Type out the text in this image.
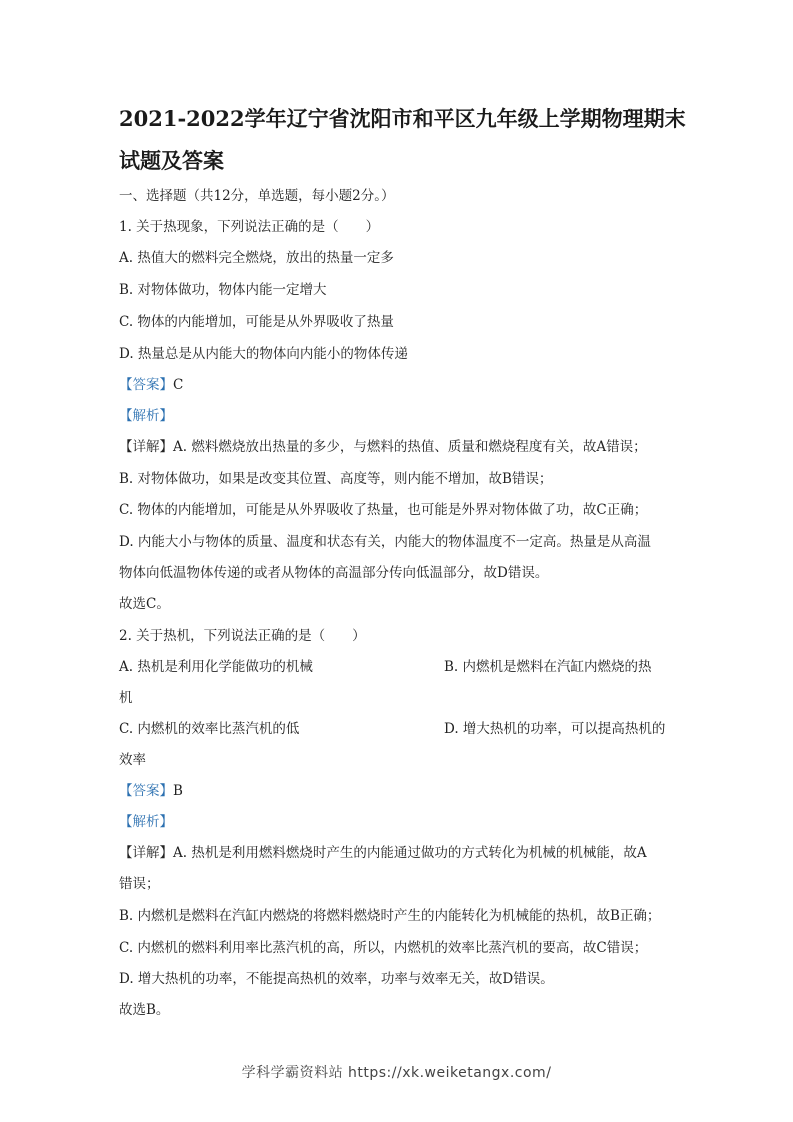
2021-2022学年辽宁省沈阳市和平区九年级上学期物理期末
试题及答案
一、选择题（共12分，单选题，每小题2分。）
1. 关于热现象，下列说法正确的是（　　）
A. 热值大的燃料完全燃烧，放出的热量一定多
B. 对物体做功，物体内能一定增大
C. 物体的内能增加，可能是从外界吸收了热量
D. 热量总是从内能大的物体向内能小的物体传递
【答案】C
【解析】
【详解】A. 燃料燃烧放出热量的多少，与燃料的热值、质量和燃烧程度有关，故A错误；
B. 对物体做功，如果是改变其位置、高度等，则内能不增加，故B错误；
C. 物体的内能增加，可能是从外界吸收了热量，也可能是外界对物体做了功，故C正确；
D. 内能大小与物体的质量、温度和状态有关，内能大的物体温度不一定高。热量是从高温
物体向低温物体传递的或者从物体的高温部分传向低温部分，故D错误。
故选C。
2. 关于热机，下列说法正确的是（　　）
A. 热机是利用化学能做功的机械	B. 内燃机是燃料在汽缸内燃烧的热
机
C. 内燃机的效率比蒸汽机的低	D. 增大热机的功率，可以提高热机的
效率
【答案】B
【解析】
【详解】A. 热机是利用燃料燃烧时产生的内能通过做功的方式转化为机械的机械能，故A
错误；
B. 内燃机是燃料在汽缸内燃烧的将燃料燃烧时产生的内能转化为机械能的热机，故B正确；
C. 内燃机的燃料利用率比蒸汽机的高，所以，内燃机的效率比蒸汽机的要高，故C错误；
D. 增大热机的功率，不能提高热机的效率，功率与效率无关，故D错误。
故选B。
学科学霸资料站 https://xk.weiketangx.com/
